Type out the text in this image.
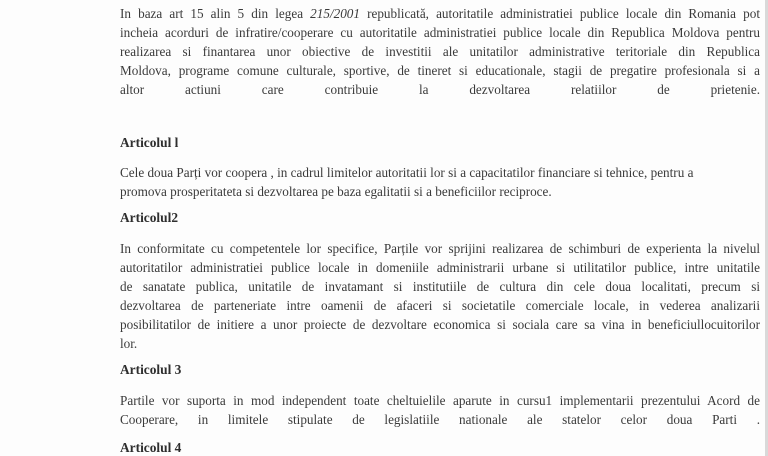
In baza art 15 alin 5 din legea 215/2001 republicată, autoritatile administratiei publice locale din Romania pot
incheia acorduri de infratire/cooperare cu autoritatile administratiei publice locale din Republica Moldova pentru
realizarea si finantarea unor obiective de investitii ale unitatilor administrative teritoriale din Republica
Moldova, programe comune culturale, sportive, de tineret si educationale, stagii de pregatire profesionala si a
altor actiuni care contribuie la dezvoltarea relatiilor de prietenie.

Articolul l

Cele doua Parți vor coopera , in cadrul limitelor autoritatii lor si a capacitatilor financiare si tehnice, pentru a
promova prosperitateta si dezvoltarea pe baza egalitatii si a beneficiilor reciproce.

Articolul2

In conformitate cu competentele lor specifice, Parțile vor sprijini realizarea de schimburi de experienta la nivelul
autoritatilor administratiei publice locale in domeniile administrarii urbane si utilitatilor publice, intre unitatile
de sanatate publica, unitatile de invatamant si institutiile de cultura din cele doua localitati, precum si
dezvoltarea de parteneriate intre oamenii de afaceri si societatile comerciale locale, in vederea analizarii
posibilitatilor de initiere a unor proiecte de dezvoltare economica si sociala care sa vina in beneficiullocuitorilor
lor.

Articolul 3

Partile vor suporta in mod independent toate cheltuielile aparute in cursu1 implementarii prezentului Acord de
Cooperare, in limitele stipulate de legislatiile nationale ale statelor celor doua Parti .

Articolul 4
